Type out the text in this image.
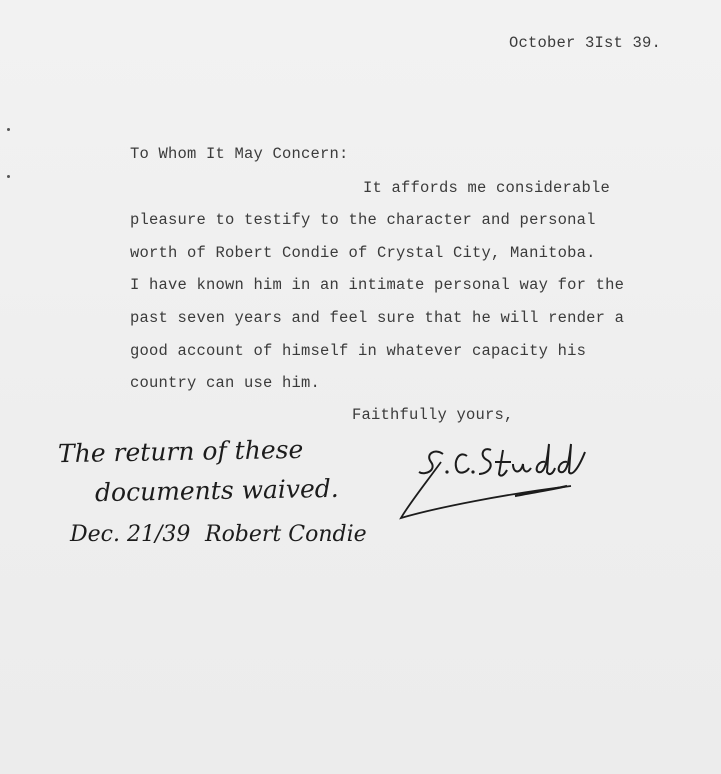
October 3Ist 39.
To Whom It May Concern:
It affords me considerable
pleasure to testify to the character and personal
worth of Robert Condie of Crystal City, Manitoba.
I have known him in an intimate personal way for the
past seven years and feel sure that he will render a
good account of himself in whatever capacity his
country can use him.
Faithfully yours,
The return of these
documents waived.
Dec. 21/39 Robert Condie
